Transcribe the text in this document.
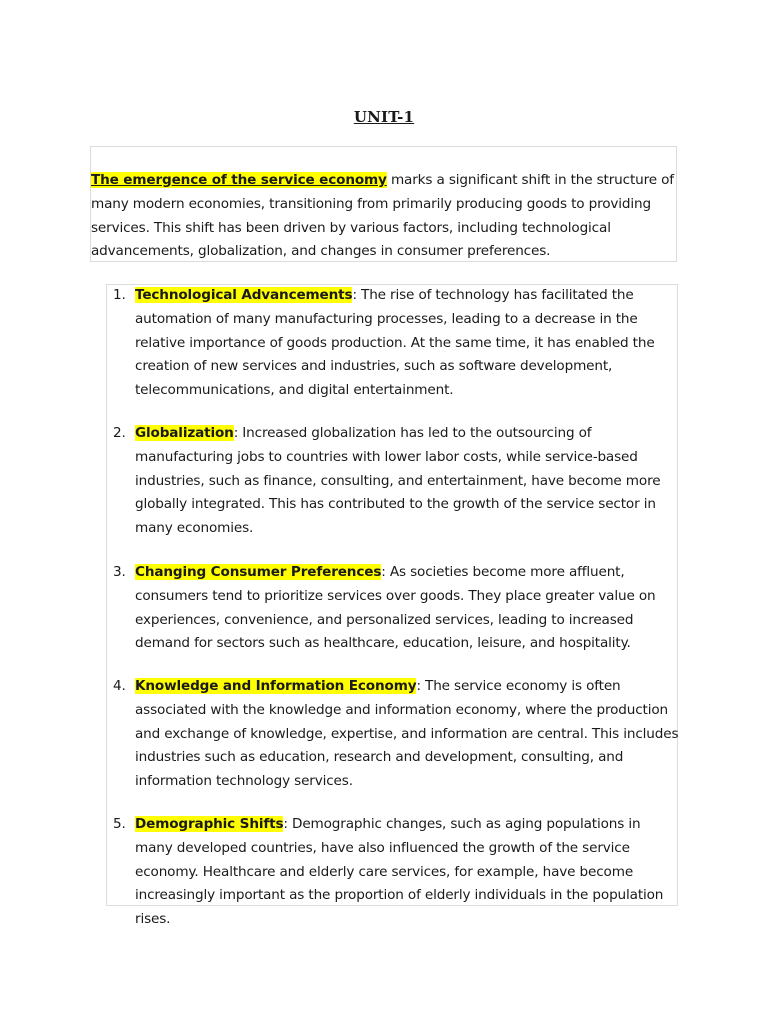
UNIT-1
The emergence of the service economy marks a significant shift in the structure of many modern economies, transitioning from primarily producing goods to providing services. This shift has been driven by various factors, including technological advancements, globalization, and changes in consumer preferences.
1. Technological Advancements: The rise of technology has facilitated the automation of many manufacturing processes, leading to a decrease in the relative importance of goods production. At the same time, it has enabled the creation of new services and industries, such as software development, telecommunications, and digital entertainment.
2. Globalization: Increased globalization has led to the outsourcing of manufacturing jobs to countries with lower labor costs, while service-based industries, such as finance, consulting, and entertainment, have become more globally integrated. This has contributed to the growth of the service sector in many economies.
3. Changing Consumer Preferences: As societies become more affluent, consumers tend to prioritize services over goods. They place greater value on experiences, convenience, and personalized services, leading to increased demand for sectors such as healthcare, education, leisure, and hospitality.
4. Knowledge and Information Economy: The service economy is often associated with the knowledge and information economy, where the production and exchange of knowledge, expertise, and information are central. This includes industries such as education, research and development, consulting, and information technology services.
5. Demographic Shifts: Demographic changes, such as aging populations in many developed countries, have also influenced the growth of the service economy. Healthcare and elderly care services, for example, have become increasingly important as the proportion of elderly individuals in the population rises.
